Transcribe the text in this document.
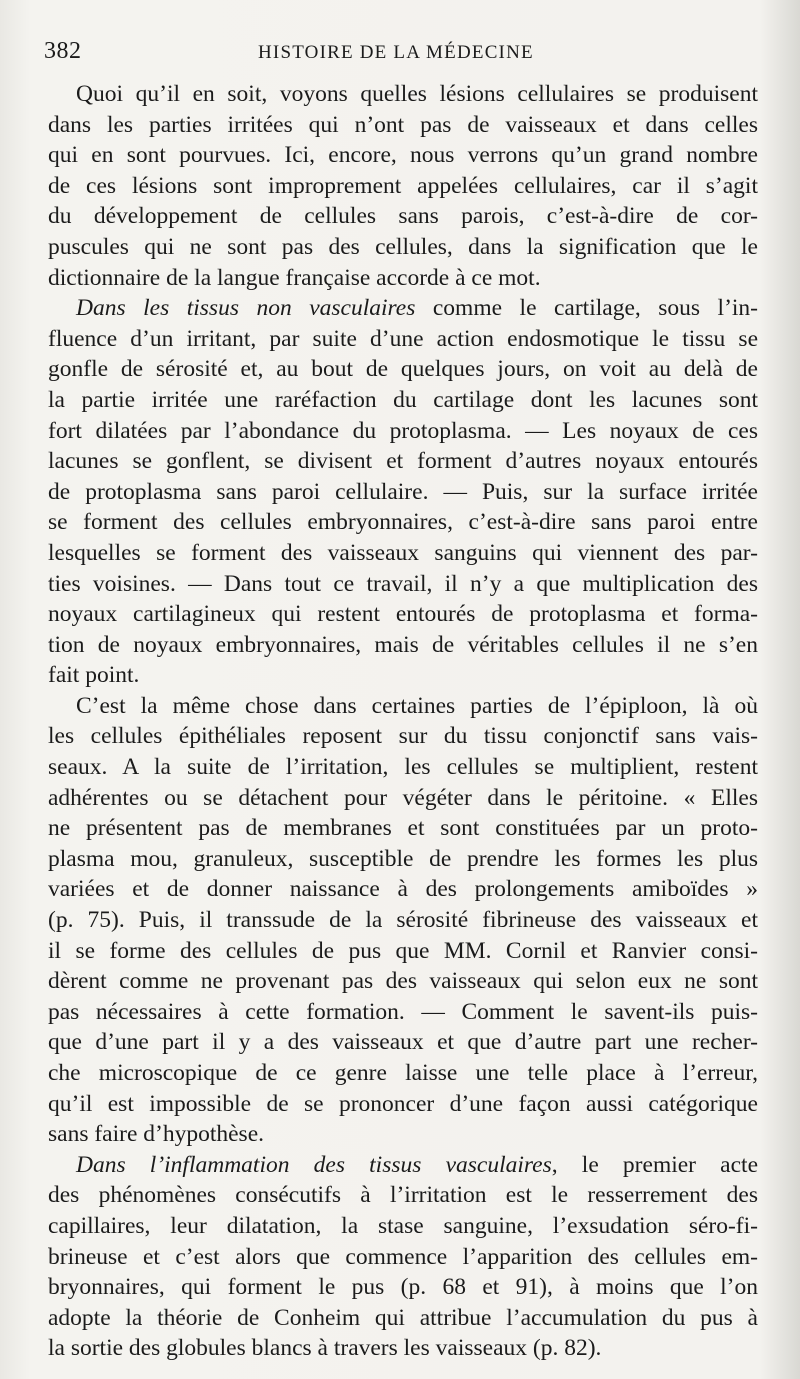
382	HISTOIRE DE LA MÉDECINE
Quoi qu’il en soit, voyons quelles lésions cellulaires se produisent
dans les parties irritées qui n’ont pas de vaisseaux et dans celles
qui en sont pourvues. Ici, encore, nous verrons qu’un grand nombre
de ces lésions sont improprement appelées cellulaires, car il s’agit
du développement de cellules sans parois, c’est-à-dire de cor-
puscules qui ne sont pas des cellules, dans la signification que le
dictionnaire de la langue française accorde à ce mot.
Dans les tissus non vasculaires comme le cartilage, sous l’in-
fluence d’un irritant, par suite d’une action endosmotique le tissu se
gonfle de sérosité et, au bout de quelques jours, on voit au delà de
la partie irritée une raréfaction du cartilage dont les lacunes sont
fort dilatées par l’abondance du protoplasma. — Les noyaux de ces
lacunes se gonflent, se divisent et forment d’autres noyaux entourés
de protoplasma sans paroi cellulaire. — Puis, sur la surface irritée
se forment des cellules embryonnaires, c’est-à-dire sans paroi entre
lesquelles se forment des vaisseaux sanguins qui viennent des par-
ties voisines. — Dans tout ce travail, il n’y a que multiplication des
noyaux cartilagineux qui restent entourés de protoplasma et forma-
tion de noyaux embryonnaires, mais de véritables cellules il ne s’en
fait point.
C’est la même chose dans certaines parties de l’épiploon, là où
les cellules épithéliales reposent sur du tissu conjonctif sans vais-
seaux. A la suite de l’irritation, les cellules se multiplient, restent
adhérentes ou se détachent pour végéter dans le péritoine. « Elles
ne présentent pas de membranes et sont constituées par un proto-
plasma mou, granuleux, susceptible de prendre les formes les plus
variées et de donner naissance à des prolongements amiboïdes »
(p. 75). Puis, il transsude de la sérosité fibrineuse des vaisseaux et
il se forme des cellules de pus que MM. Cornil et Ranvier consi-
dèrent comme ne provenant pas des vaisseaux qui selon eux ne sont
pas nécessaires à cette formation. — Comment le savent-ils puis-
que d’une part il y a des vaisseaux et que d’autre part une recher-
che microscopique de ce genre laisse une telle place à l’erreur,
qu’il est impossible de se prononcer d’une façon aussi catégorique
sans faire d’hypothèse.
Dans l’inflammation des tissus vasculaires, le premier acte
des phénomènes consécutifs à l’irritation est le resserrement des
capillaires, leur dilatation, la stase sanguine, l’exsudation séro-fi-
brineuse et c’est alors que commence l’apparition des cellules em-
bryonnaires, qui forment le pus (p. 68 et 91), à moins que l’on
adopte la théorie de Conheim qui attribue l’accumulation du pus à
la sortie des globules blancs à travers les vaisseaux (p. 82).
